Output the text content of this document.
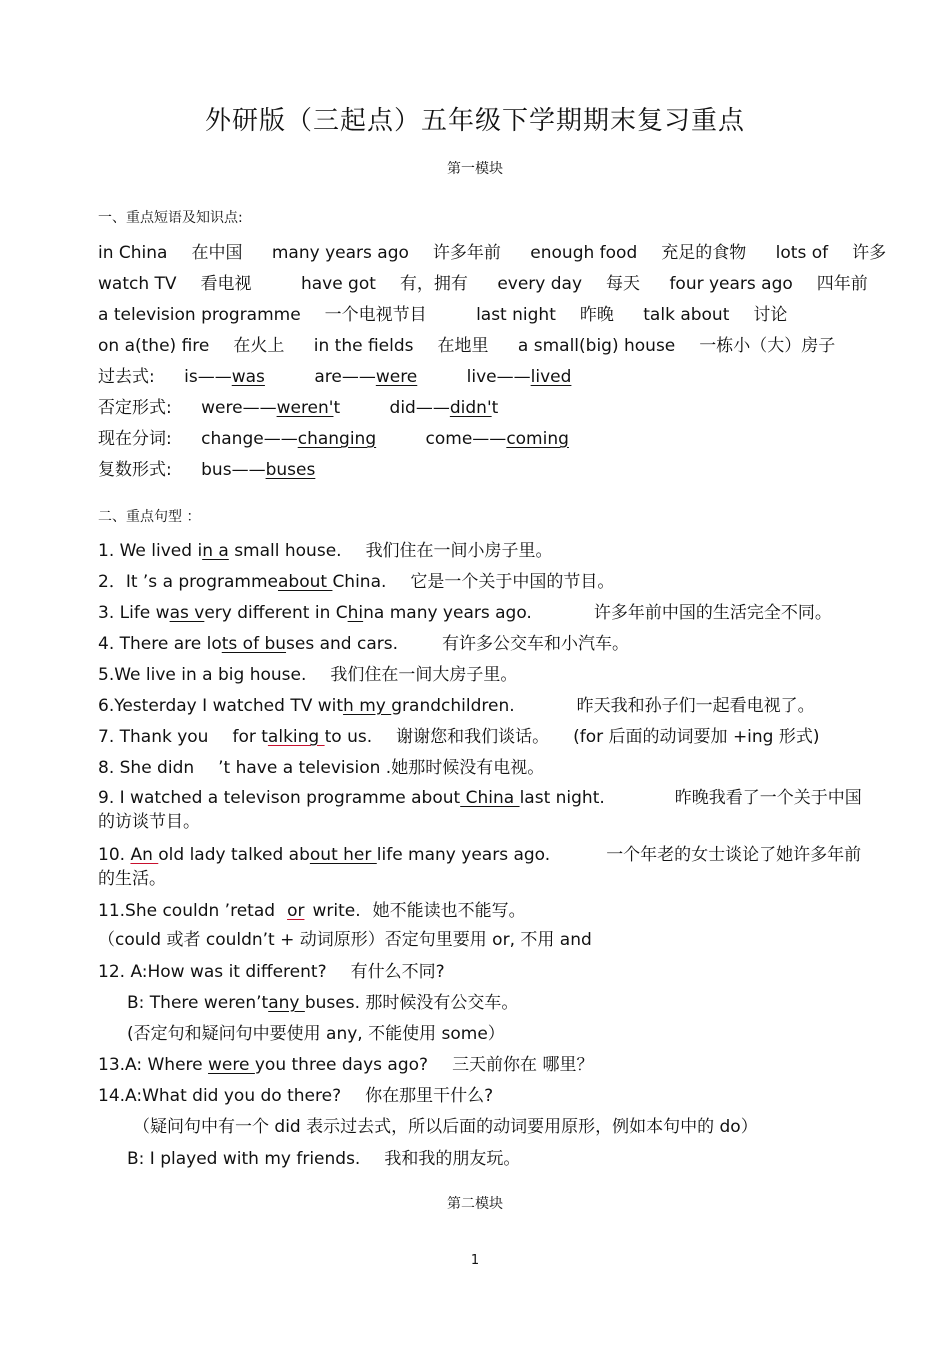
外研版（三起点）五年级下学期期末复习重点
第一模块
一、重点短语及知识点:
in China 在中国 many years ago 许多年前 enough food 充足的食物 lots of 许多
watch TV 看电视	have got 有，拥有 every day 每天 four years ago 四年前
a television programme 一个电视节目	last night 昨晚 talk about 讨论
on a(the) fire 在火上 in the fields 在地里 a small(big) house 一栋小（大）房子
过去式: is——was	are——were	live——lived
否定形式: were——weren't	did——didn't
现在分词: change——changing	come——coming
复数形式: bus——buses
二、重点句型 ：
1. We lived in a small house. 我们住在一间小房子里。
2．It ’s a programmeabout China. 它是一个关于中国的节目。
3. Life was very different in China many years ago.	许多年前中国的生活完全不同。
4. There are lots of buses and cars.	有许多公交车和小汽车。
5.We live in a big house. 我们住在一间大房子里。
6.Yesterday I watched TV with my grandchildren.	昨天我和孙子们一起看电视了。
7. Thank you for talking to us. 谢谢您和我们谈话。 (for 后面的动词要加 +ing 形式)
8. She didn ’t have a television .她那时候没有电视。
9. I watched a televison programme about China last night.	昨晚我看了一个关于中国的访谈节目。
10. An old lady talked about her life many years ago.	一个年老的女士谈论了她许多年前的生活。
11.She couldn ’retad or write. 她不能读也不能写。
（could 或者 couldn’t + 动词原形）否定句里要用 or, 不用 and
12. A:How was it different? 有什么不同?
B: There weren’tany buses. 那时候没有公交车。
(否定句和疑问句中要使用 any, 不能使用 some）
13.A: Where were you three days ago? 三天前你在 哪里？
14.A:What did you do there? 你在那里干什么?
（疑问句中有一个 did 表示过去式，所以后面的动词要用原形，例如本句中的 do）
B: I played with my friends. 我和我的朋友玩。
第二模块
1
